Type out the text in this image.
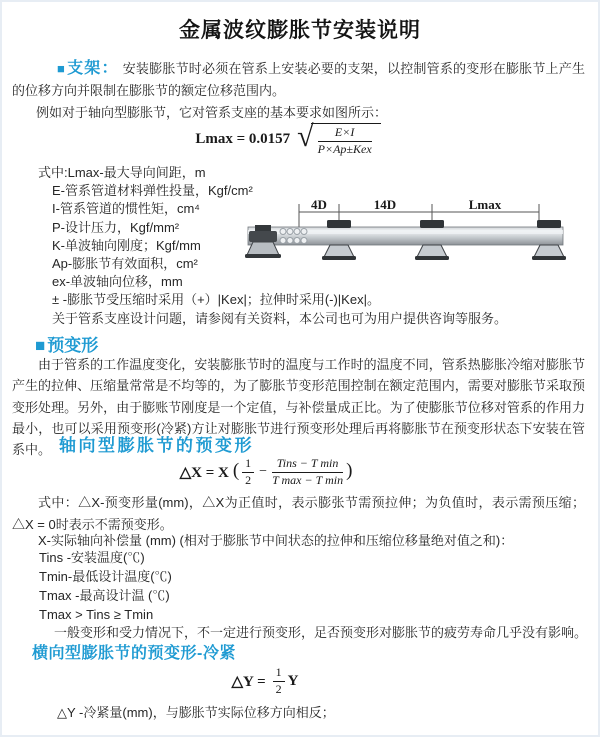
金属波纹膨胀节安装说明

■ 支架： 安装膨胀节时必须在管系上安装必要的支架，以控制管系的变形在膨胀节上产生的位移方向并限制在膨胀节的额定位移范围内。

例如对于轴向型膨胀节，它对管系支座的基本要求如图所示：

Lmax = 0.0157 √ $\frac{E\times I}{\text{P×Ap±Kex}}$
式中:Lmax-最大导向间距，m
E-管系管道材料弹性投量，Kgf/cm²
I-管系管道的惯性矩，cm⁴
P-设计压力，Kgf/mm²
K-单波轴向刚度；Kgf/mm
Ap-膨胀节有效面积，cm²
ex-单波轴向位移，mm
± -膨胀节受压缩时采用（+）|Kex|；拉伸时采用(-)|Kex|。
关于管系支座设计问题，请参阅有关资料，本公司也可为用户提供咨询等服务。
4D	14D	Lmax
■ 预变形

由于管系的工作温度变化，安装膨胀节时的温度与工作时的温度不同，管系热膨胀冷缩对膨胀节产生的拉伸、压缩量常常是不均等的，为了膨胀节变形范围控制在额定范围内，需要对膨胀节采取预变形处理。另外，由于膨账节刚度是一个定值，与补偿量成正比。为了使膨胀节位移对管系的作用力最小，也可以采用预变形(冷紧)方让对膨胀节进行预变形处理后再将膨胀节在预变形状态下安装在管系中。 轴向型膨胀节的预变形
△X = X ( $\frac{1}{2} - \frac{\text{Tins − T min}}{\text{T max − T min}}$ )

式中：△X-预变形量(mm)，△X为正值时，表示膨张节需预拉伸；为负值时，表示需预压缩；△X = 0时表示不需预变形。

X-实际轴向补偿量 (mm) (相对于膨胀节中间状态的拉伸和压缩位移量绝对值之和)：
Tins -安装温度(℃)
Tmin-最低设计温度(℃)
Tmax -最高设计温 (℃)
Tmax > Tins ≥ Tmin
一般变形和受力情况下，不一定进行预变形，足否预变形对膨胀节的疲劳寿命几乎没有影响。
横向型膨胀节的预变形-冷紧
△Y = $\frac{1}{2}$ Y

△Y -冷紧量(mm)，与膨胀节实际位移方向相反；
